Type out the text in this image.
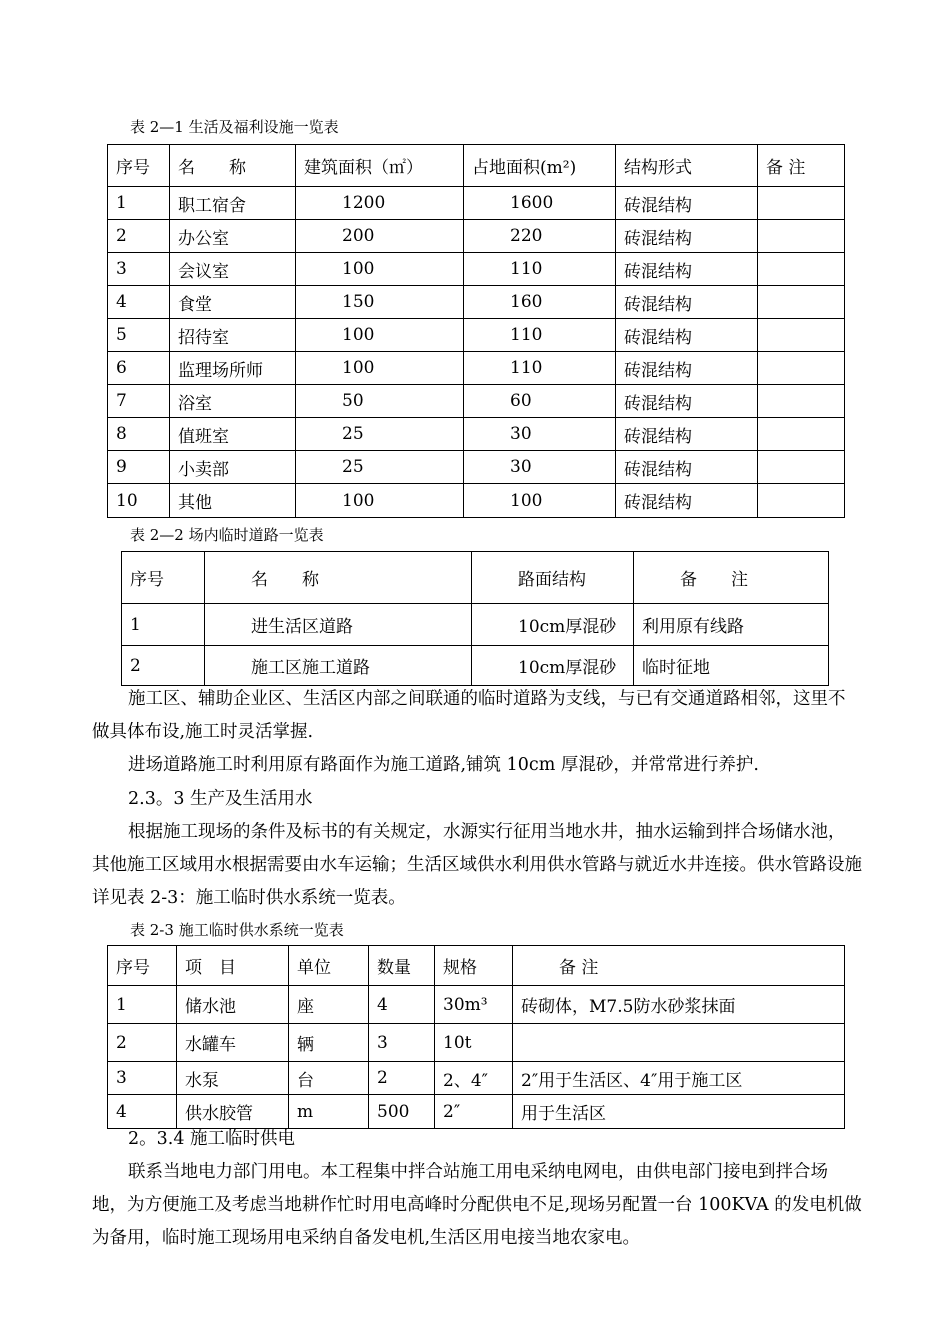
表 2—1 生活及福利设施一览表
序号	名　　称	建筑面积（㎡）	占地面积(m²)	结构形式	备 注
1	职工宿舍	1200	1600	砖混结构	
2	办公室	200	220	砖混结构	
3	会议室	100	110	砖混结构	
4	食堂	150	160	砖混结构	
5	招待室	100	110	砖混结构	
6	监理场所师	100	110	砖混结构	
7	浴室	50	60	砖混结构	
8	值班室	25	30	砖混结构	
9	小卖部	25	30	砖混结构	
10	其他	100	100	砖混结构	
表 2—2 场内临时道路一览表
序号	名　　称	路面结构	备　　注
1	进生活区道路	10cm厚混砂	利用原有线路
2	施工区施工道路	10cm厚混砂	临时征地

施工区、辅助企业区、生活区内部之间联通的临时道路为支线，与已有交通道路相邻，这里不做具体布设,施工时灵活掌握.

进场道路施工时利用原有路面作为施工道路,铺筑 10cm 厚混砂，并常常进行养护.

2.3。3 生产及生活用水

根据施工现场的条件及标书的有关规定，水源实行征用当地水井，抽水运输到拌合场储水池，其他施工区域用水根据需要由水车运输；生活区域供水利用供水管路与就近水井连接。供水管路设施详见表 2-3：施工临时供水系统一览表。

表 2-3 施工临时供水系统一览表
序号	项　目	单位	数量	规格	备 注
1	储水池	座	4	30m³	砖砌体，M7.5防水砂浆抹面
2	水罐车	辆	3	10t	
3	水泵	台	2	2、4″	2″用于生活区、4″用于施工区
4	供水胶管	m	500	2″	用于生活区

2。3.4 施工临时供电

联系当地电力部门用电。本工程集中拌合站施工用电采纳电网电，由供电部门接电到拌合场地，为方便施工及考虑当地耕作忙时用电高峰时分配供电不足,现场另配置一台 100KVA 的发电机做为备用，临时施工现场用电采纳自备发电机,生活区用电接当地农家电。
